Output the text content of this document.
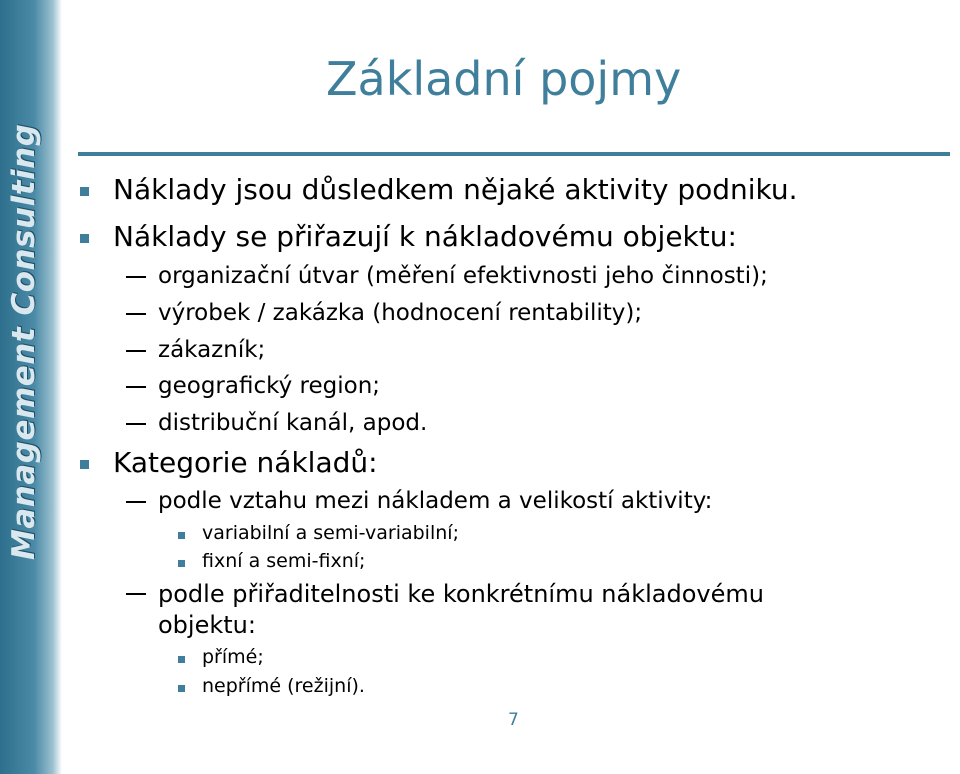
Management Consulting
Základní pojmy
Náklady jsou důsledkem nějaké aktivity podniku.
Náklady se přiřazují k nákladovému objektu:
organizační útvar (měření efektivnosti jeho činnosti);
výrobek / zakázka (hodnocení rentability);
zákazník;
geografický region;
distribuční kanál, apod.
Kategorie nákladů:
podle vztahu mezi nákladem a velikostí aktivity:
variabilní a semi-variabilní;
fixní a semi-fixní;
podle přiřaditelnosti ke konkrétnímu nákladovému
objektu:
přímé;
nepřímé (režijní).
7
